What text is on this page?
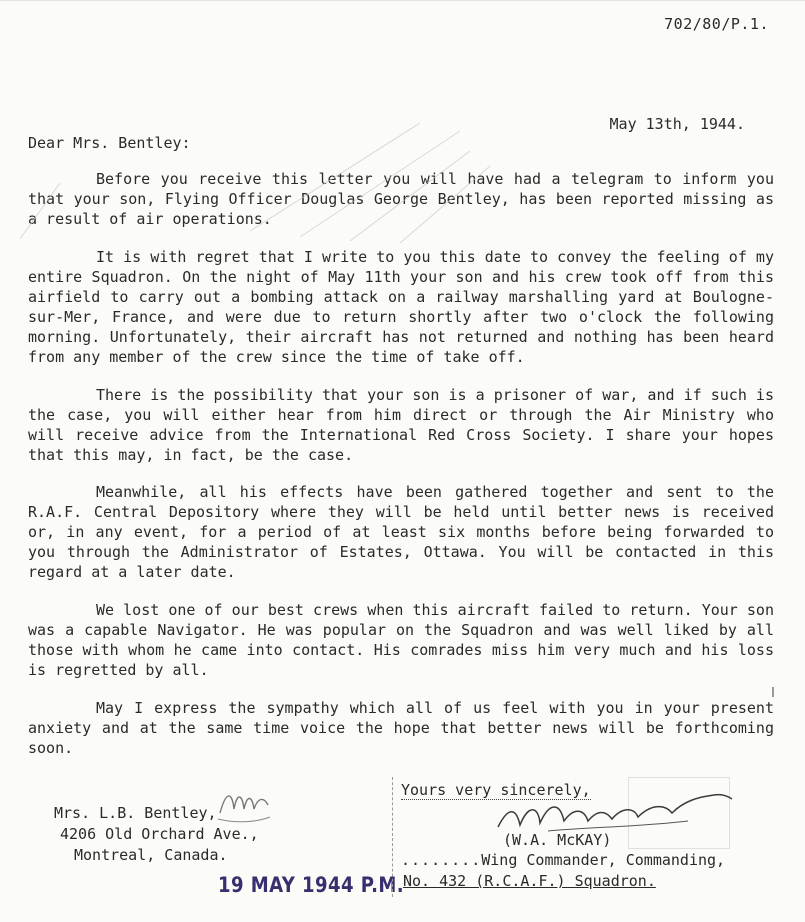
702/80/P.1.
May 13th, 1944.
Dear Mrs. Bentley:

Before you receive this letter you will have had a telegram to inform you that your son, Flying Officer Douglas George Bentley, has been reported missing as a result of air operations.

It is with regret that I write to you this date to convey the feeling of my entire Squadron. On the night of May 11th your son and his crew took off from this airfield to carry out a bombing attack on a railway marshalling yard at Boulogne-sur-Mer, France, and were due to return shortly after two o'clock the following morning. Unfortunately, their aircraft has not returned and nothing has been heard from any member of the crew since the time of take off.

There is the possibility that your son is a prisoner of war, and if such is the case, you will either hear from him direct or through the Air Ministry who will receive advice from the International Red Cross Society. I share your hopes that this may, in fact, be the case.

Meanwhile, all his effects have been gathered together and sent to the R.A.F. Central Depository where they will be held until better news is received or, in any event, for a period of at least six months before being forwarded to you through the Administrator of Estates, Ottawa. You will be contacted in this regard at a later date.

We lost one of our best crews when this aircraft failed to return. Your son was a capable Navigator. He was popular on the Squadron and was well liked by all those with whom he came into contact. His comrades miss him very much and his loss is regretted by all.

May I express the sympathy which all of us feel with you in your present anxiety and at the same time voice the hope that better news will be forthcoming soon.

Mrs. L.B. Bentley,
4206 Old Orchard Ave.,
Montreal, Canada.
19 MAY 1944 P.M.
Yours very sincerely,
(W.A. McKAY)
........Wing Commander, Commanding,
No. 432 (R.C.A.F.) Squadron.
